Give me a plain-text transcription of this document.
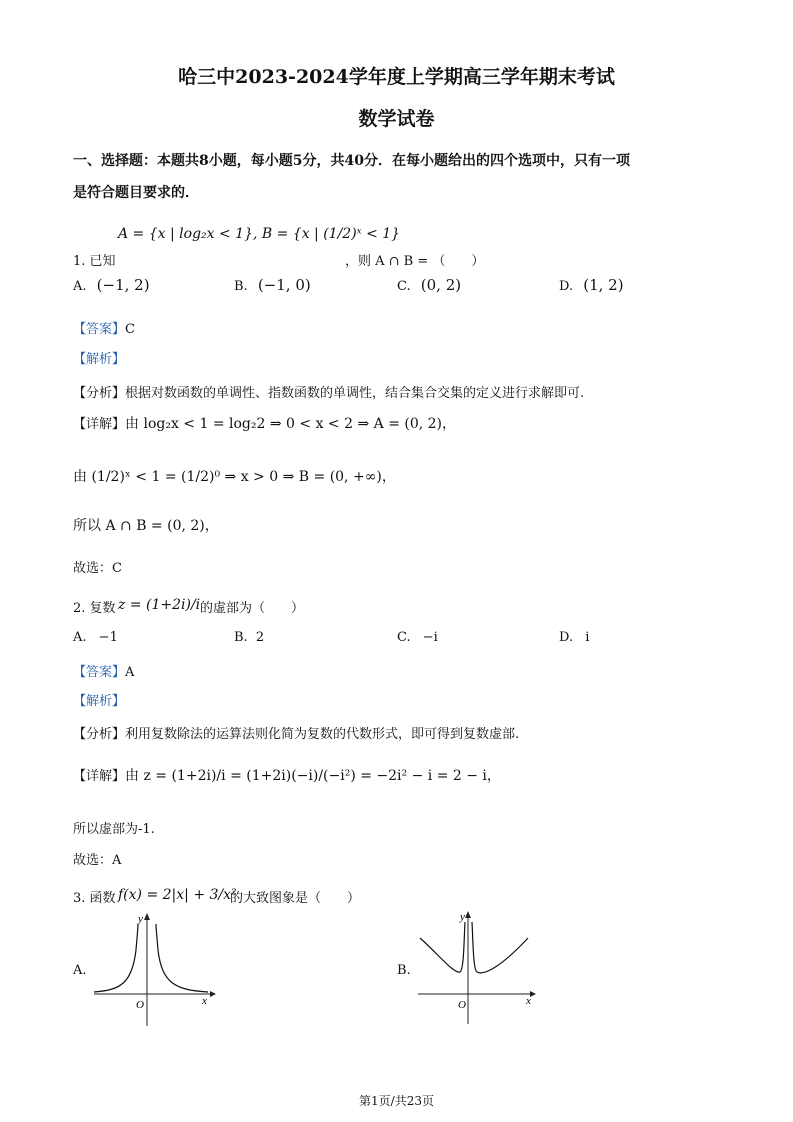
哈三中2023-2024学年度上学期高三学年期末考试
数学试卷
一、选择题：本题共8小题，每小题5分，共40分．在每小题给出的四个选项中，只有一项
是符合题目要求的．
1. 已知
A = {x | log₂x < 1}, B = {x | (1/2)ˣ < 1}
，则 A ∩ B = （　　）
A. (−1, 2)	B. (−1, 0)	C. (0, 2)	D. (1, 2)
【答案】C
【解析】
【分析】根据对数函数的单调性、指数函数的单调性，结合集合交集的定义进行求解即可.
【详解】由 log₂x < 1 = log₂2 ⇒ 0 < x < 2 ⇒ A = (0, 2)，
由 (1/2)ˣ < 1 = (1/2)⁰ ⇒ x > 0 ⇒ B = (0, +∞)，
所以 A ∩ B = (0, 2)，
故选：C
2. 复数 z = (1+2i)/i 的虚部为（　　）
A. −1	B. 2	C. −i	D. i
【答案】A
【解析】
【分析】利用复数除法的运算法则化简为复数的代数形式，即可得到复数虚部.
【详解】由 z = (1+2i)/i = (1+2i)(−i)/(−i²) = −2i² − i = 2 − i，
所以虚部为-1.
故选：A
3. 函数 f(x) = 2|x| + 3/x²
的大致图象是（　　）
A.
O	x
y
B.
O	x
y
第1页/共23页
